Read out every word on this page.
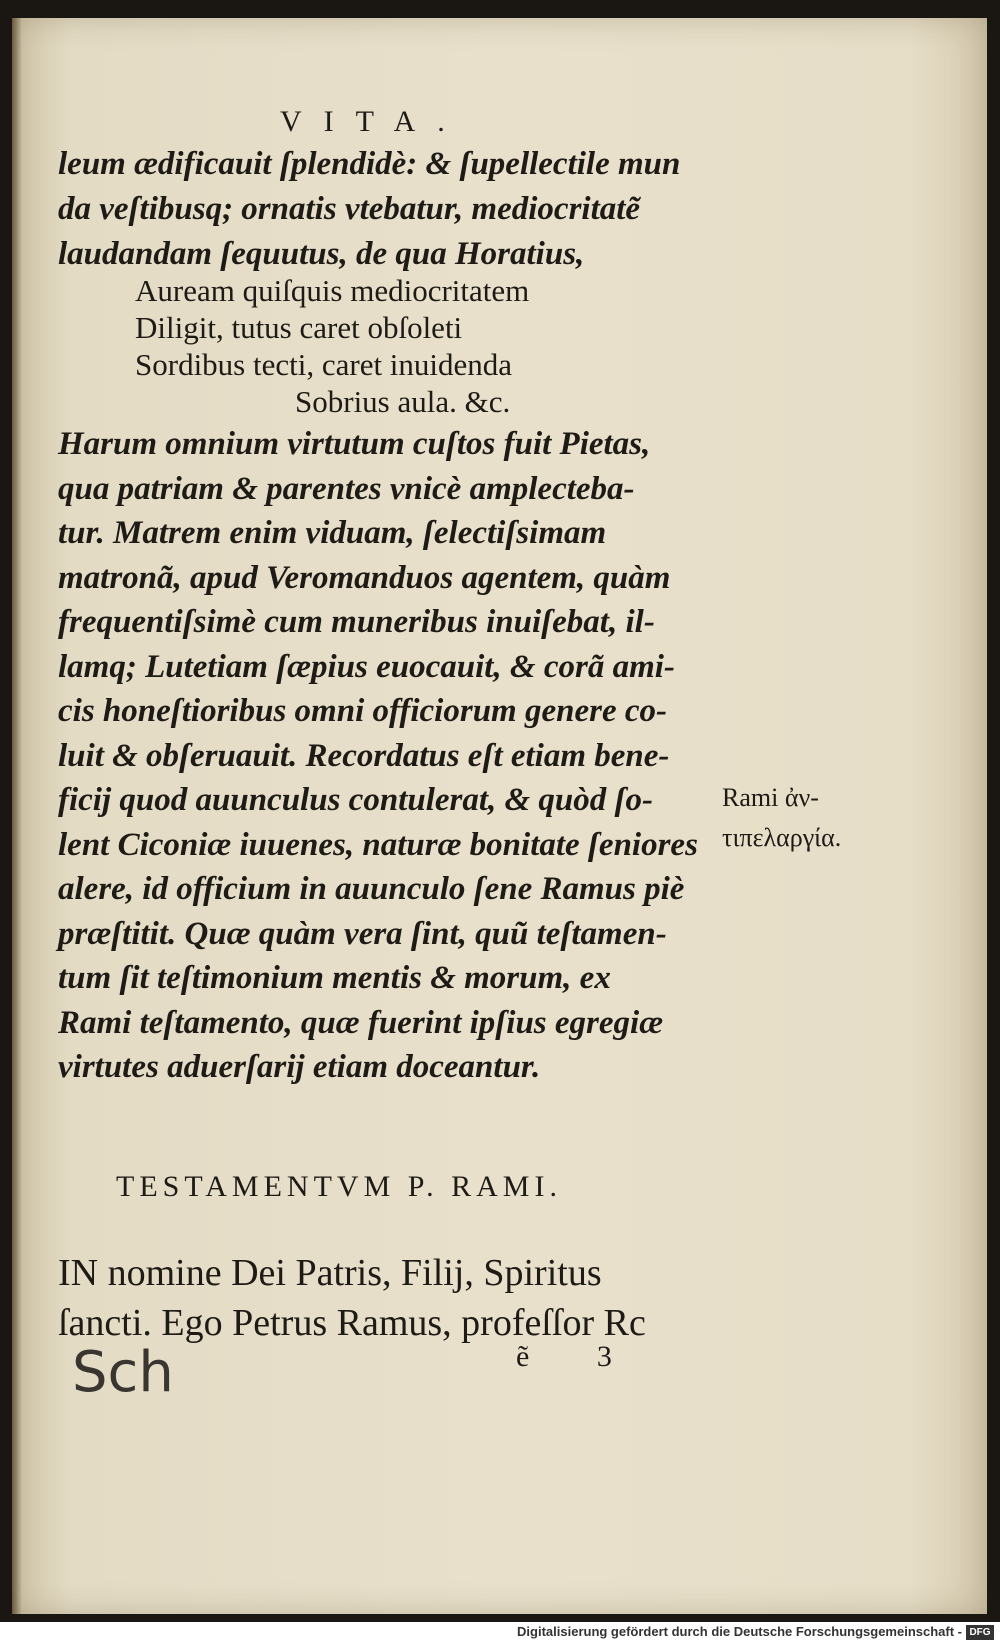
VITA.
leum ædificauit ſplendidè: & ſupellectile mun
da veſtibusq; ornatis vtebatur, mediocritatẽ
laudandam ſequutus, de qua Horatius,
Auream quiſquis mediocritatem
Diligit, tutus caret obſoleti
Sordibus tecti, caret inuidenda
Sobrius aula. &c.
Harum omnium virtutum cuſtos fuit Pietas,
qua patriam & parentes vnicè amplectebа-
tur. Matrem enim viduam, ſelectiſsimam
matronã, apud Veromanduos agentem, quàm
frequentiſsimè cum muneribus inuiſebat, il-
lamq; Lutetiam ſæpius euocauit, & corã ami-
cis honeſtioribus omni officiorum genere co-
luit & obſeruauit. Recordatus eſt etiam bene-
ficij quod auunculus contulerat, & quòd ſo-
lent Ciconiæ iuuenes, naturæ bonitate ſeniores
alere, id officium in auunculo ſene Ramus piè
præſtitit. Quæ quàm vera ſint, quũ teſtamen-
tum ſit teſtimonium mentis & morum, ex
Rami teſtamento, quæ fuerint ipſius egregiæ
virtutes aduerſarij etiam doceantur.
Rami ἀν-
τιπελαργία.
TESTAMENTVM P. RAMI.
IN nomine Dei Patris, Filij, Spiritus
ſancti. Ego Petrus Ramus, profeſſor Rc
Sch	ẽ 3
Digitalisierung gefördert durch die Deutsche Forschungsgemeinschaft - DFG
